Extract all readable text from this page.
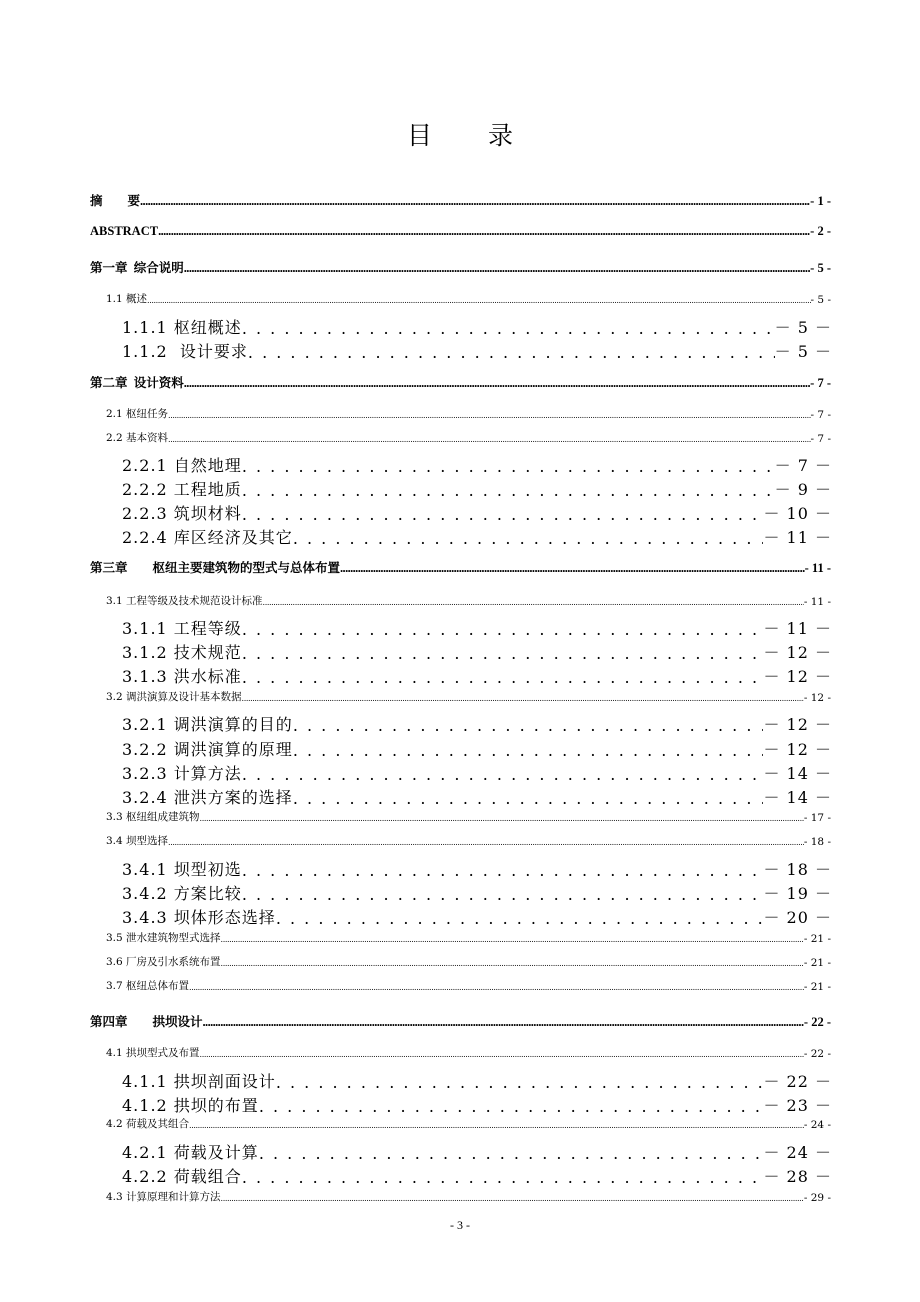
目 录
摘        要 .....	- 1 -
ABSTRACT .....	- 2 -
第一章  综合说明 .....	- 5 -
1.1 概述 .....	- 5 -
1.1.1 枢纽概述 . . .	－ 5 －
1.1.2  设计要求 . . .	－ 5 －
第二章  设计资料 .....	- 7 -
2.1 枢纽任务 .....	- 7 -
2.2 基本资料 .....	- 7 -
2.2.1 自然地理 . . .	－ 7 －
2.2.2 工程地质 . . .	－ 9 －
2.2.3 筑坝材料 . . .	－ 10 －
2.2.4 库区经济及其它 . . .	－ 11 －
第三章        枢纽主要建筑物的型式与总体布置 .....	- 11 -
3.1 工程等级及技术规范设计标准 .....	- 11 -
3.1.1 工程等级 . . .	－ 11 －
3.1.2 技术规范 . . .	－ 12 －
3.1.3 洪水标准 . . .	－ 12 －
3.2 调洪演算及设计基本数据 .....	- 12 -
3.2.1 调洪演算的目的 . . .	－ 12 －
3.2.2 调洪演算的原理 . . .	－ 12 －
3.2.3 计算方法 . . .	－ 14 －
3.2.4 泄洪方案的选择 . . .	－ 14 －
3.3 枢纽组成建筑物 .....	- 17 -
3.4 坝型选择 .....	- 18 -
3.4.1 坝型初选 . . .	－ 18 －
3.4.2 方案比较 . . .	－ 19 －
3.4.3 坝体形态选择 . . .	－ 20 －
3.5 泄水建筑物型式选择 .....	- 21 -
3.6 厂房及引水系统布置 .....	- 21 -
3.7 枢纽总体布置 .....	- 21 -
第四章        拱坝设计 .....	- 22 -
4.1 拱坝型式及布置 .....	- 22 -
4.1.1 拱坝剖面设计 . . .	－ 22 －
4.1.2 拱坝的布置 . . .	－ 23 －
4.2 荷载及其组合 .....	- 24 -
4.2.1 荷载及计算 . . .	－ 24 －
4.2.2 荷载组合 . . .	－ 28 －
4.3 计算原理和计算方法 .....	- 29 -
- 3 -
